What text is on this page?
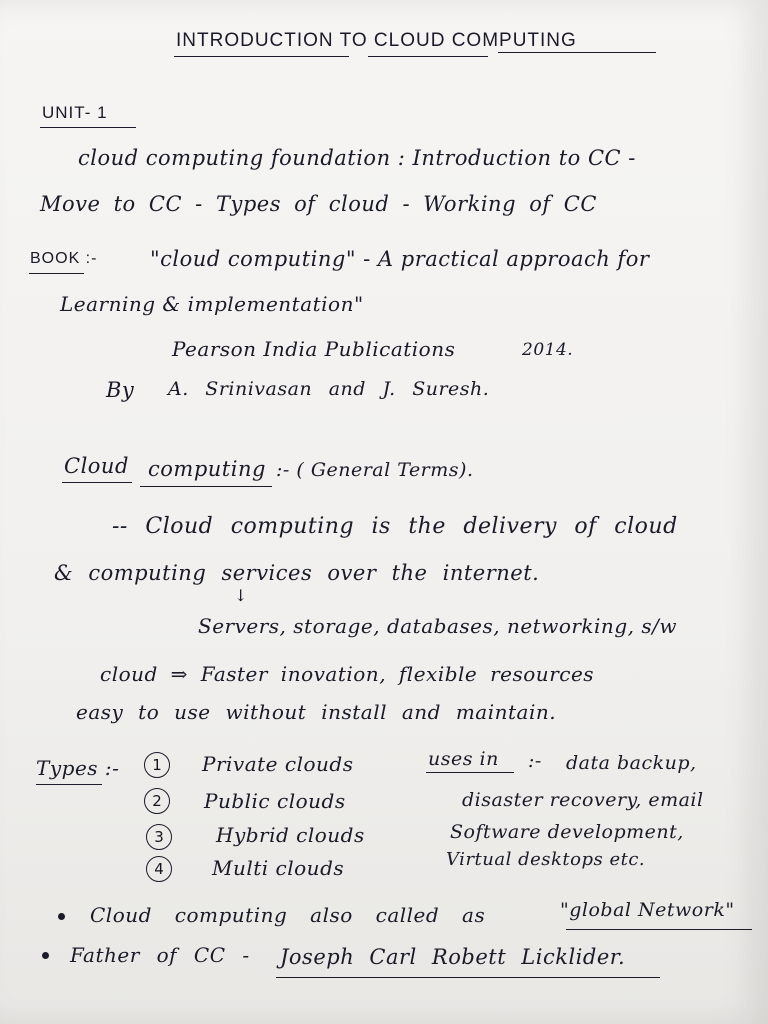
INTRODUCTION TO CLOUD COMPUTING
UNIT- 1
cloud computing foundation : Introduction to CC -
Move to CC - Types of cloud - Working of CC
BOOK :-	"cloud computing" - A practical approach for
Learning & implementation"
Pearson India Publications	2014.
By A. Srinivasan and J. Suresh.
Cloud computing :- ( General Terms).
-- Cloud computing is the delivery of cloud
& computing services over the internet.
↓
Servers, storage, databases, networking, s/w
cloud ⇒ Faster inovation, flexible resources
easy to use without install and maintain.
Types :-	1	Private clouds
2	Public clouds
3	Hybrid clouds
4	Multi clouds
uses in :- data backup,
disaster recovery, email
Software development,
Virtual desktops etc.
Cloud computing also called as	"global Network"
Father of CC - Joseph Carl Robett Licklider.
